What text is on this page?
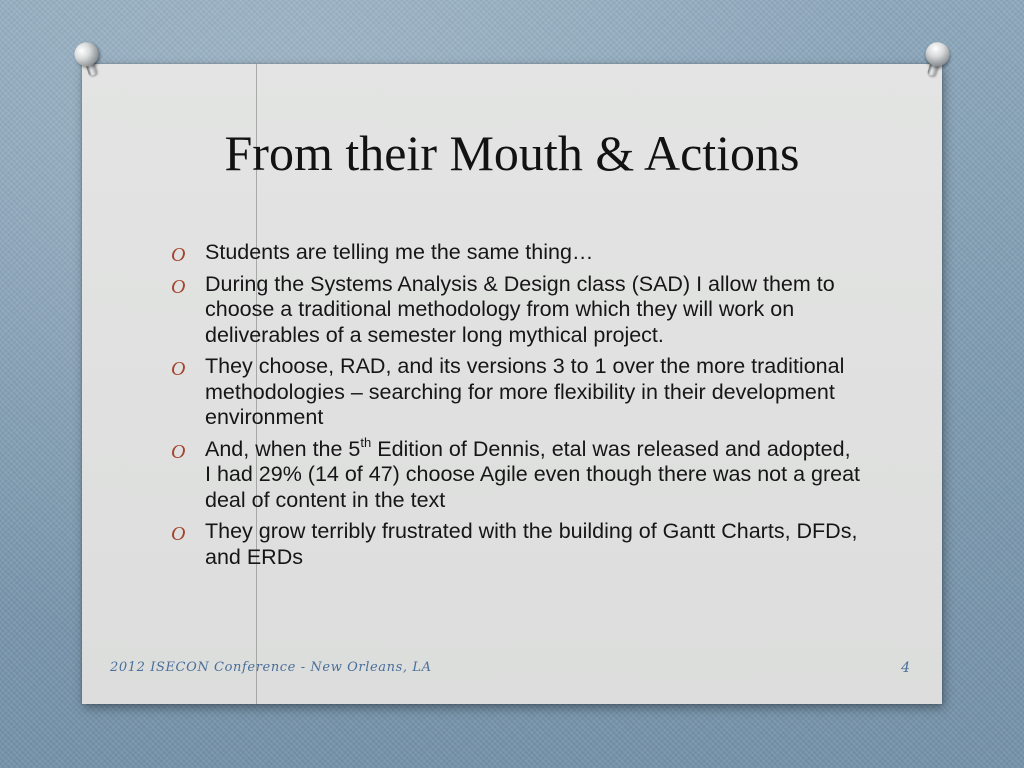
From their Mouth & Actions
O Students are telling me the same thing…
O During the Systems Analysis & Design class (SAD) I allow them to choose a traditional methodology from which they will work on deliverables of a semester long mythical project.
O They choose, RAD, and its versions 3 to 1 over the more traditional methodologies – searching for more flexibility in their development environment
O And, when the 5th Edition of Dennis, etal was released and adopted, I had 29% (14 of 47) choose Agile even though there was not a great deal of content in the text
O They grow terribly frustrated with the building of Gantt Charts, DFDs, and ERDs
2012 ISECON Conference - New Orleans, LA	4
